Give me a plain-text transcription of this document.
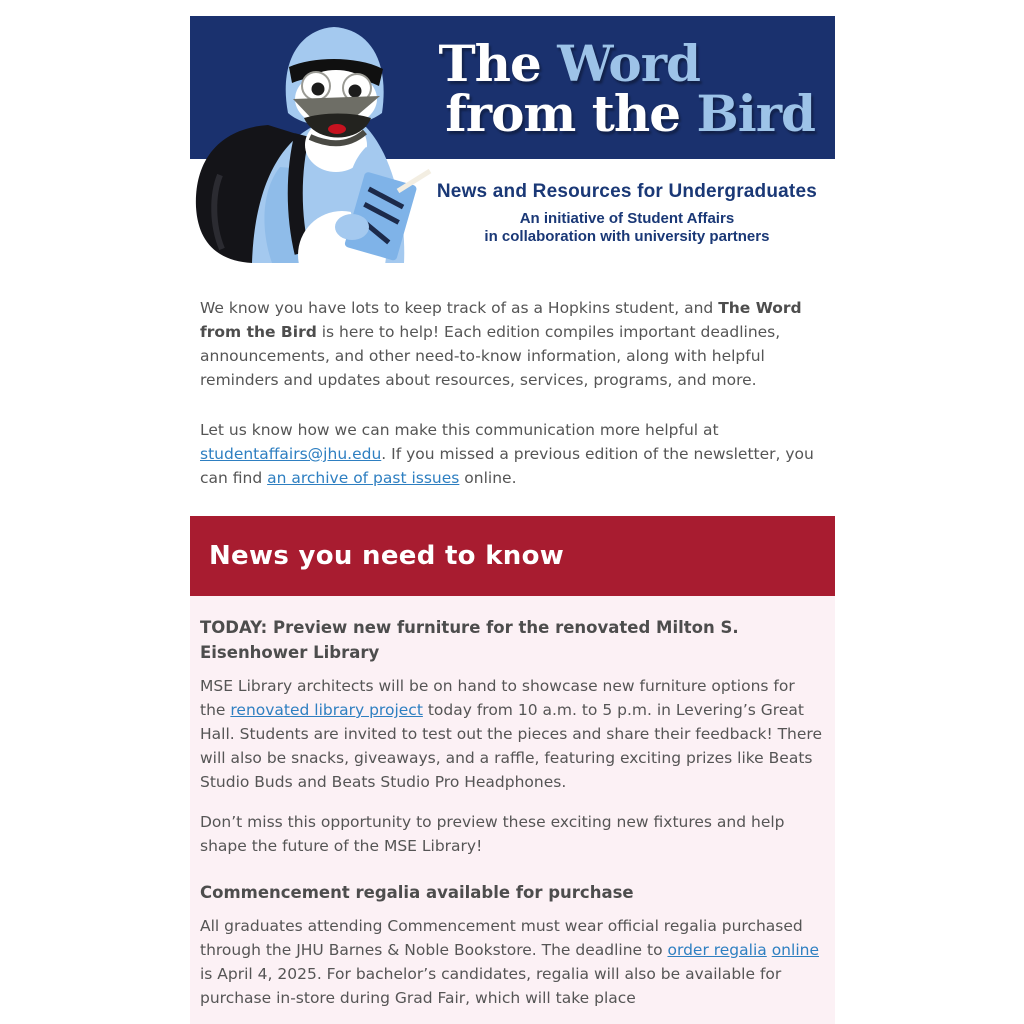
The Word
from the Bird
News and Resources for Undergraduates
An initiative of Student Affairs
in collaboration with university partners

We know you have lots to keep track of as a Hopkins student, and The Word from the Bird is here to help! Each edition compiles important deadlines, announcements, and other need-to-know information, along with helpful reminders and updates about resources, services, programs, and more.

Let us know how we can make this communication more helpful at studentaffairs@jhu.edu. If you missed a previous edition of the newsletter, you can find an archive of past issues online.

News you need to know
TODAY: Preview new furniture for the renovated Milton S. Eisenhower Library

MSE Library architects will be on hand to showcase new furniture options for the renovated library project today from 10 a.m. to 5 p.m. in Levering’s Great Hall. Students are invited to test out the pieces and share their feedback! There will also be snacks, giveaways, and a raffle, featuring exciting prizes like Beats Studio Buds and Beats Studio Pro Headphones.

Don’t miss this opportunity to preview these exciting new fixtures and help shape the future of the MSE Library!

Commencement regalia available for purchase

All graduates attending Commencement must wear official regalia purchased through the JHU Barnes & Noble Bookstore. The deadline to order regalia online is April 4, 2025. For bachelor’s candidates, regalia will also be available for purchase in-store during Grad Fair, which will take place
